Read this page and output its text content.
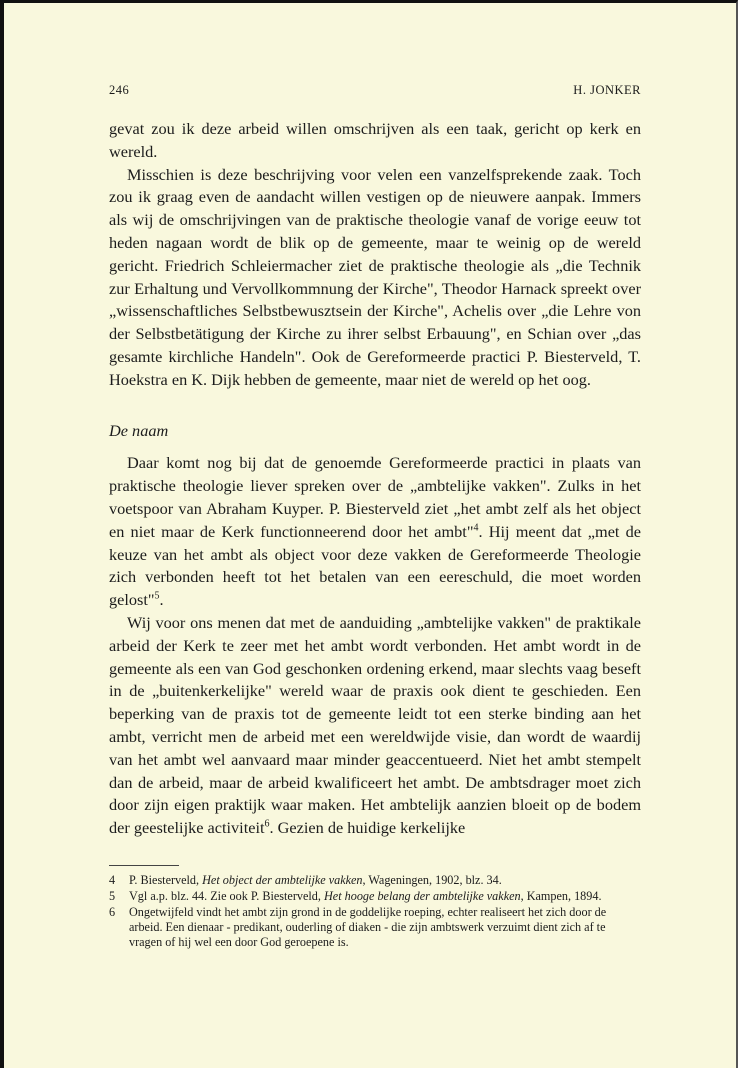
246	H. JONKER

gevat zou ik deze arbeid willen omschrijven als een taak, gericht op kerk en wereld.

Misschien is deze beschrijving voor velen een vanzelfsprekende zaak. Toch zou ik graag even de aandacht willen vestigen op de nieuwere aanpak. Immers als wij de omschrijvingen van de praktische theologie vanaf de vorige eeuw tot heden nagaan wordt de blik op de gemeente, maar te weinig op de wereld gericht. Friedrich Schleiermacher ziet de praktische theologie als „die Technik zur Erhaltung und Vervollkommnung der Kirche", Theodor Harnack spreekt over „wissenschaftliches Selbstbewusztsein der Kirche", Achelis over „die Lehre von der Selbstbetätigung der Kirche zu ihrer selbst Erbauung", en Schian over „das gesamte kirchliche Handeln". Ook de Gereformeerde practici P. Biesterveld, T. Hoekstra en K. Dijk hebben de gemeente, maar niet de wereld op het oog.

De naam

Daar komt nog bij dat de genoemde Gereformeerde practici in plaats van praktische theologie liever spreken over de „ambtelijke vakken". Zulks in het voetspoor van Abraham Kuyper. P. Biesterveld ziet „het ambt zelf als het object en niet maar de Kerk functionneerend door het ambt"$^4$. Hij meent dat „met de keuze van het ambt als object voor deze vakken de Gereformeerde Theologie zich verbonden heeft tot het betalen van een eereschuld, die moet worden gelost"$^5$.

Wij voor ons menen dat met de aanduiding „ambtelijke vakken" de praktikale arbeid der Kerk te zeer met het ambt wordt verbonden. Het ambt wordt in de gemeente als een van God geschonken ordening erkend, maar slechts vaag beseft in de „buitenkerkelijke" wereld waar de praxis ook dient te geschieden. Een beperking van de praxis tot de gemeente leidt tot een sterke binding aan het ambt, verricht men de arbeid met een wereldwijde visie, dan wordt de waardij van het ambt wel aanvaard maar minder geaccentueerd. Niet het ambt stempelt dan de arbeid, maar de arbeid kwalificeert het ambt. De ambtsdrager moet zich door zijn eigen praktijk waar maken. Het ambtelijk aanzien bloeit op de bodem der geestelijke activiteit$^6$. Gezien de huidige kerkelijke

4	P. Biesterveld, Het object der ambtelijke vakken, Wageningen, 1902, blz. 34.
5	Vgl a.p. blz. 44. Zie ook P. Biesterveld, Het hooge belang der ambtelijke vakken, Kampen, 1894.
6	Ongetwijfeld vindt het ambt zijn grond in de goddelijke roeping, echter realiseert het zich door de arbeid. Een dienaar - predikant, ouderling of diaken - die zijn ambtswerk verzuimt dient zich af te vragen of hij wel een door God geroepene is.
